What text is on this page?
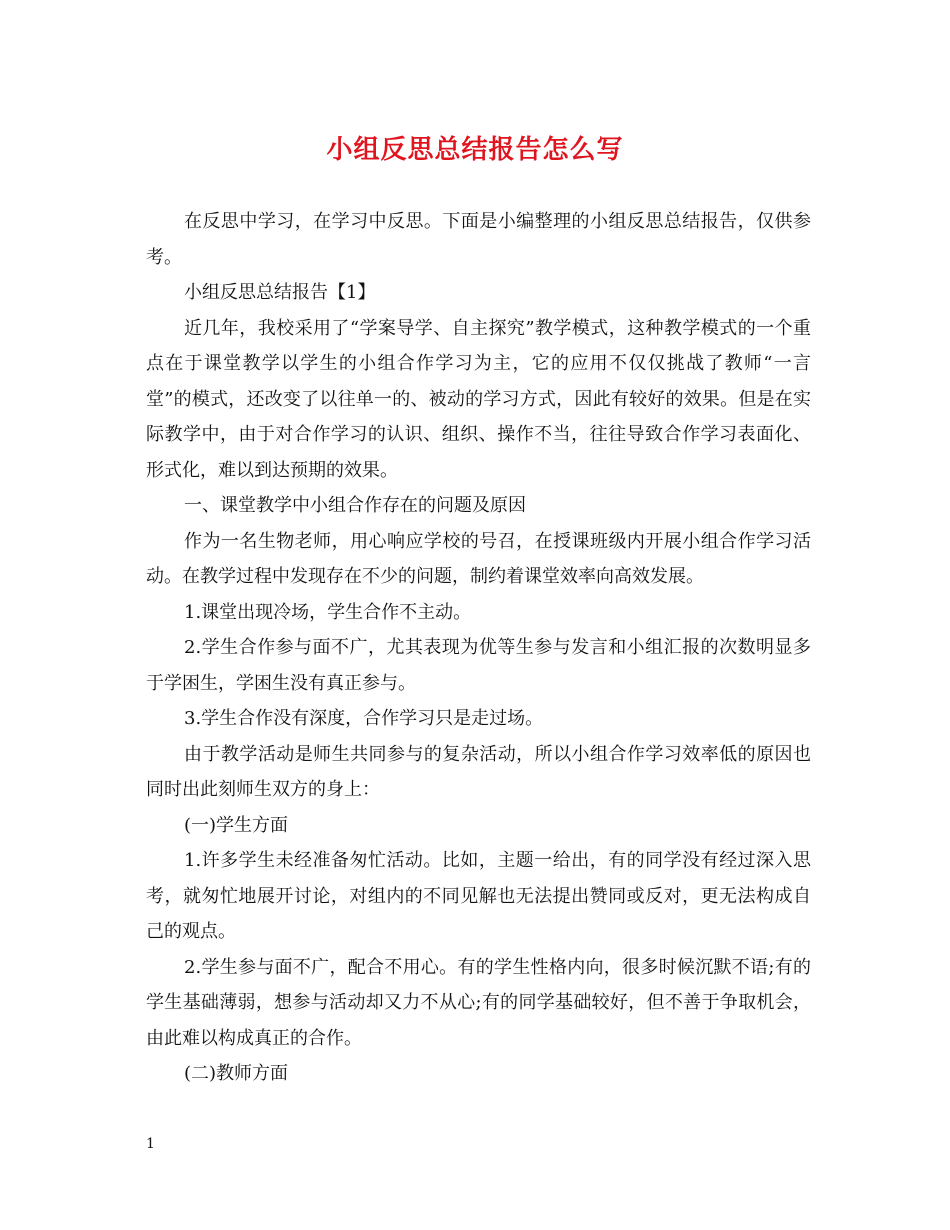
小组反思总结报告怎么写

在反思中学习，在学习中反思。下面是小编整理的小组反思总结报告，仅供参考。

小组反思总结报告【1】

近几年，我校采用了“学案导学、自主探究”教学模式，这种教学模式的一个重点在于课堂教学以学生的小组合作学习为主，它的应用不仅仅挑战了教师“一言堂”的模式，还改变了以往单一的、被动的学习方式，因此有较好的效果。但是在实际教学中，由于对合作学习的认识、组织、操作不当，往往导致合作学习表面化、形式化，难以到达预期的效果。

一、课堂教学中小组合作存在的问题及原因

作为一名生物老师，用心响应学校的号召，在授课班级内开展小组合作学习活动。在教学过程中发现存在不少的问题，制约着课堂效率向高效发展。

1.课堂出现冷场，学生合作不主动。

2.学生合作参与面不广，尤其表现为优等生参与发言和小组汇报的次数明显多于学困生，学困生没有真正参与。

3.学生合作没有深度，合作学习只是走过场。

由于教学活动是师生共同参与的复杂活动，所以小组合作学习效率低的原因也同时出此刻师生双方的身上：

(一)学生方面

1.许多学生未经准备匆忙活动。比如，主题一给出，有的同学没有经过深入思考，就匆忙地展开讨论，对组内的不同见解也无法提出赞同或反对，更无法构成自己的观点。

2.学生参与面不广，配合不用心。有的学生性格内向，很多时候沉默不语;有的学生基础薄弱，想参与活动却又力不从心;有的同学基础较好，但不善于争取机会，由此难以构成真正的合作。

(二)教师方面

1
